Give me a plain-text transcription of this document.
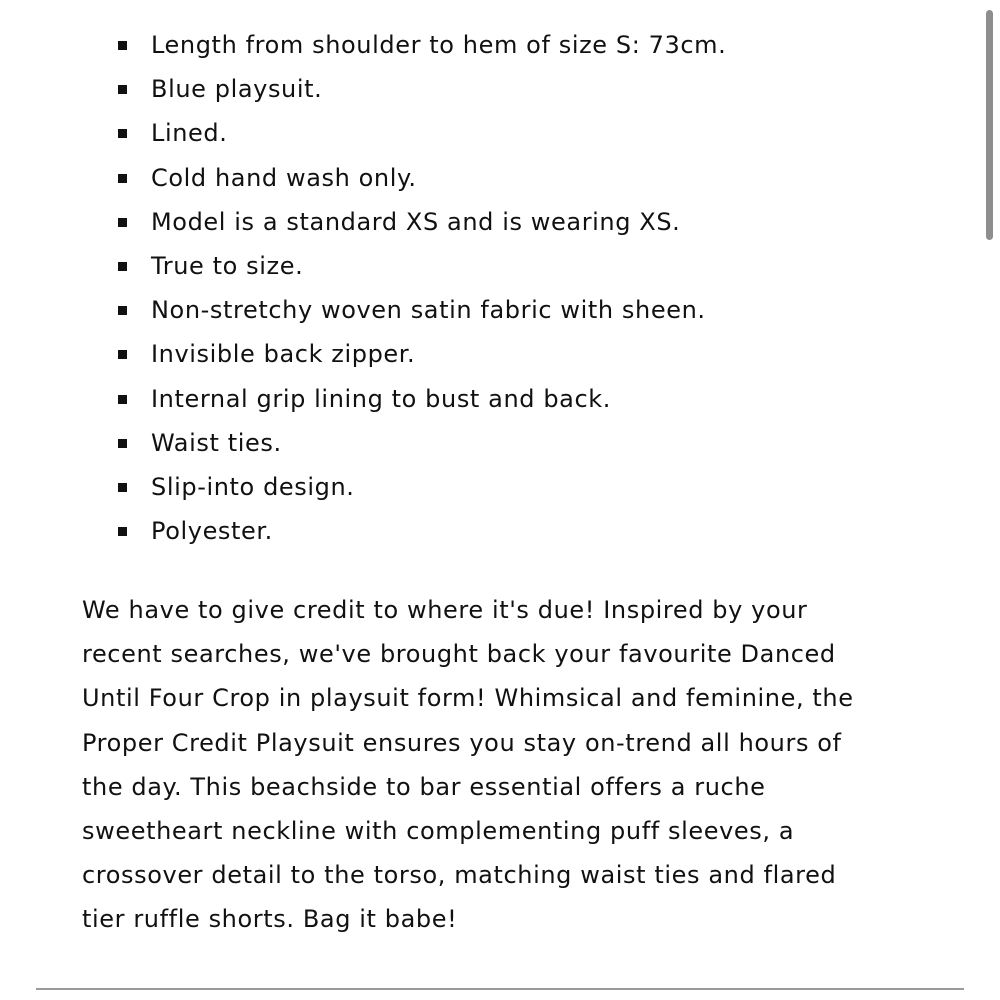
Length from shoulder to hem of size S: 73cm.
Blue playsuit.
Lined.
Cold hand wash only.
Model is a standard XS and is wearing XS.
True to size.
Non-stretchy woven satin fabric with sheen.
Invisible back zipper.
Internal grip lining to bust and back.
Waist ties.
Slip-into design.
Polyester.

We have to give credit to where it's due! Inspired by your
recent searches, we've brought back your favourite Danced
Until Four Crop in playsuit form! Whimsical and feminine, the
Proper Credit Playsuit ensures you stay on-trend all hours of
the day. This beachside to bar essential offers a ruche
sweetheart neckline with complementing puff sleeves, a
crossover detail to the torso, matching waist ties and flared
tier ruffle shorts. Bag it babe!
